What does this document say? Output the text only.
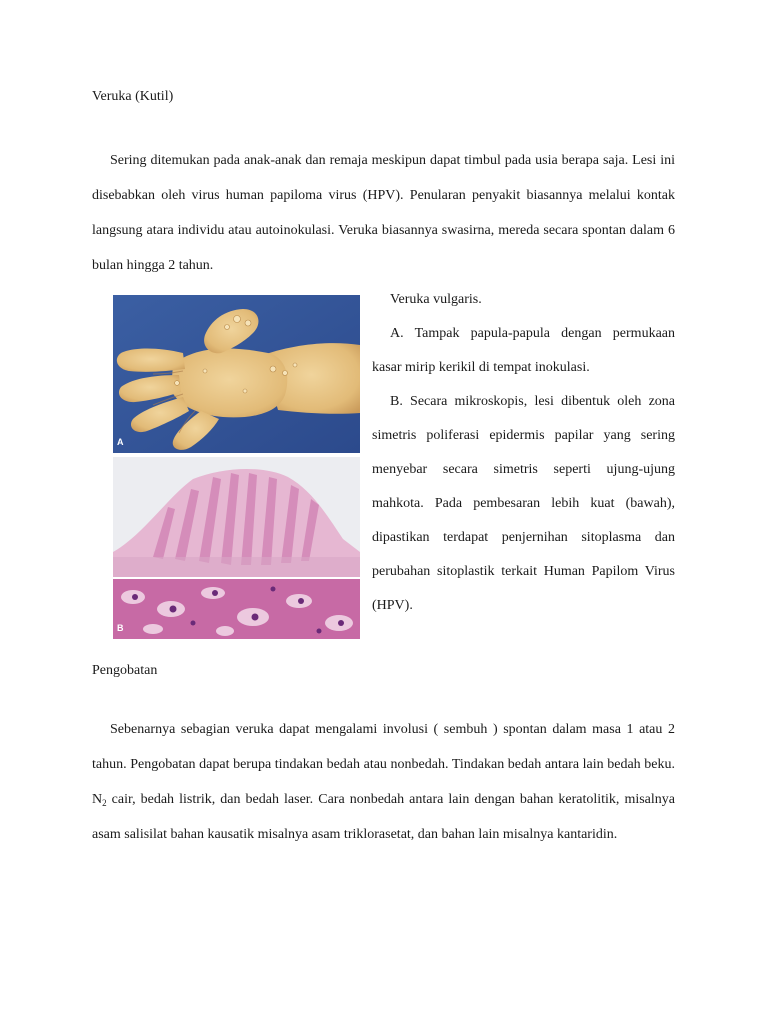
Veruka (Kutil)

Sering ditemukan pada anak-anak dan remaja meskipun dapat timbul pada usia berapa saja. Lesi ini disebabkan oleh virus human papiloma virus (HPV). Penularan penyakit biasannya melalui kontak langsung atara individu atau autoinokulasi. Veruka biasannya swasirna, mereda secara spontan dalam 6 bulan hingga 2 tahun.

A
B

Veruka vulgaris.

A. Tampak papula-papula dengan permukaan kasar mirip kerikil di tempat inokulasi.

B. Secara mikroskopis, lesi dibentuk oleh zona simetris poliferasi epidermis papilar yang sering menyebar secara simetris seperti ujung-ujung mahkota. Pada pembesaran lebih kuat (bawah), dipastikan terdapat penjernihan sitoplasma dan perubahan sitoplastik terkait Human Papilom Virus (HPV).

Pengobatan

Sebenarnya sebagian veruka dapat mengalami involusi ( sembuh ) spontan dalam masa 1 atau 2 tahun. Pengobatan dapat berupa tindakan bedah atau nonbedah. Tindakan bedah antara lain bedah beku. $N_2$ cair, bedah listrik, dan bedah laser. Cara nonbedah antara lain dengan bahan keratolitik, misalnya asam salisilat bahan kausatik misalnya asam triklorasetat, dan bahan lain misalnya kantaridin.
